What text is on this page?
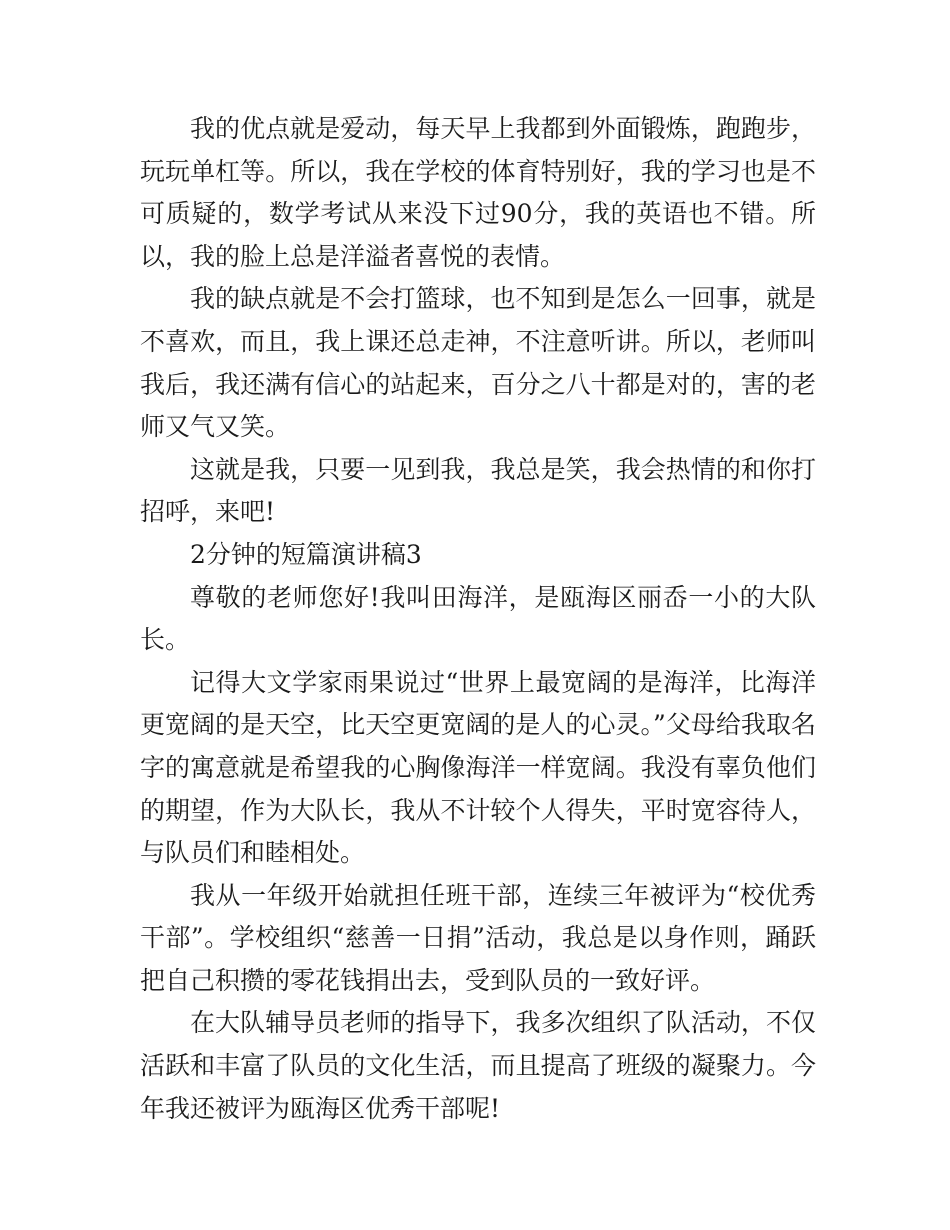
我的优点就是爱动，每天早上我都到外面锻炼，跑跑步，玩玩单杠等。所以，我在学校的体育特别好，我的学习也是不可质疑的，数学考试从来没下过90分，我的英语也不错。所以，我的脸上总是洋溢者喜悦的表情。

我的缺点就是不会打篮球，也不知到是怎么一回事，就是不喜欢，而且，我上课还总走神，不注意听讲。所以，老师叫我后，我还满有信心的站起来，百分之八十都是对的，害的老师又气又笑。

这就是我，只要一见到我，我总是笑，我会热情的和你打招呼，来吧!

2分钟的短篇演讲稿3

尊敬的老师您好!我叫田海洋，是瓯海区丽岙一小的大队长。

记得大文学家雨果说过“世界上最宽阔的是海洋，比海洋更宽阔的是天空，比天空更宽阔的是人的心灵。”父母给我取名字的寓意就是希望我的心胸像海洋一样宽阔。我没有辜负他们的期望，作为大队长，我从不计较个人得失，平时宽容待人，与队员们和睦相处。

我从一年级开始就担任班干部，连续三年被评为“校优秀干部”。学校组织“慈善一日捐”活动，我总是以身作则，踊跃把自己积攒的零花钱捐出去，受到队员的一致好评。

在大队辅导员老师的指导下，我多次组织了队活动，不仅活跃和丰富了队员的文化生活，而且提高了班级的凝聚力。今年我还被评为瓯海区优秀干部呢!
